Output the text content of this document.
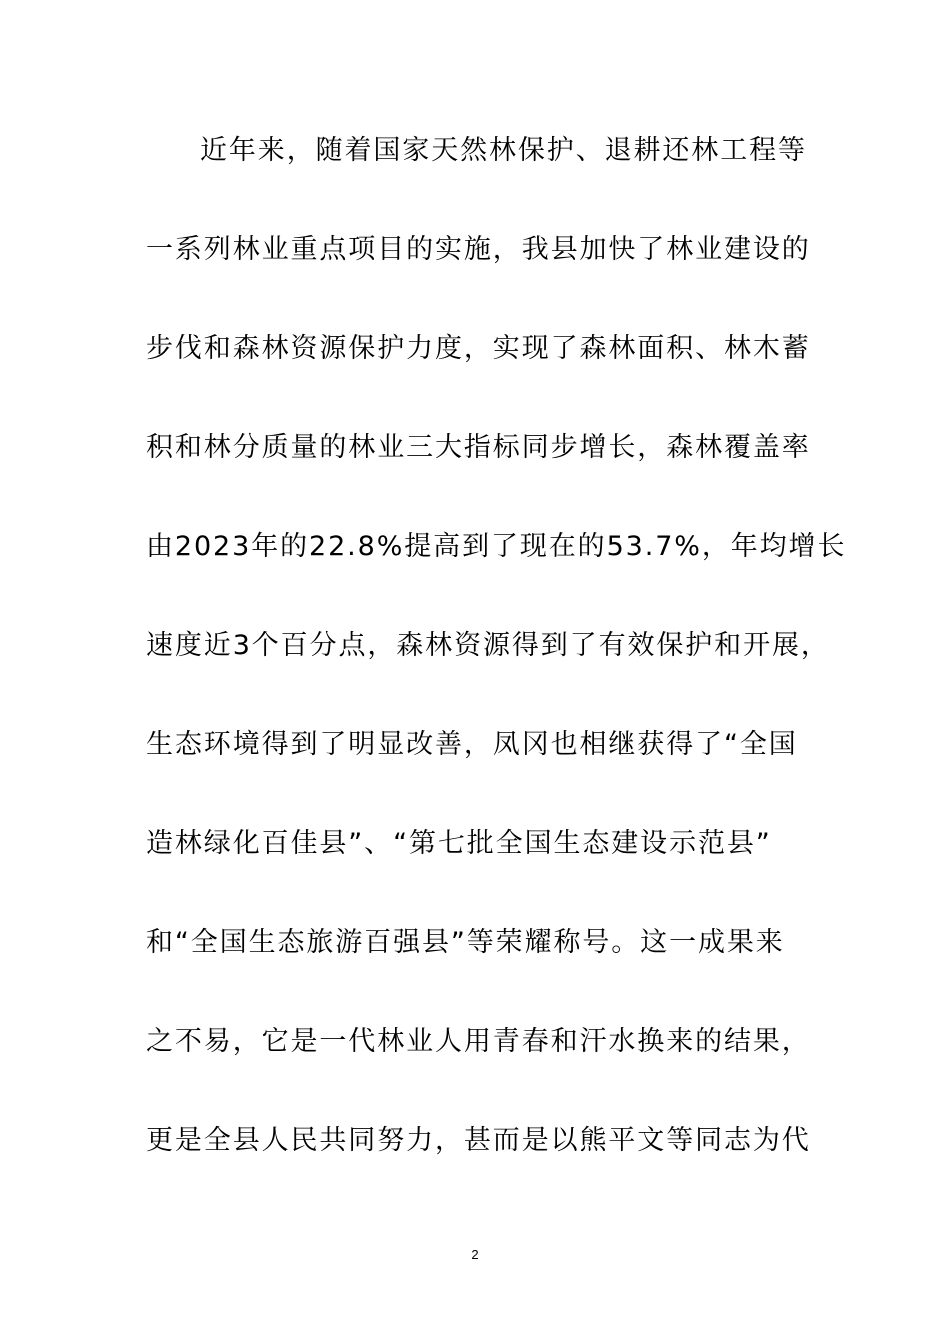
近年来，随着国家天然林保护、退耕还林工程等
一系列林业重点项目的实施，我县加快了林业建设的
步伐和森林资源保护力度，实现了森林面积、林木蓄
积和林分质量的林业三大指标同步增长，森林覆盖率
由2023年的22.8%提高到了现在的53.7%，年均增长
速度近3个百分点，森林资源得到了有效保护和开展，
生态环境得到了明显改善，凤冈也相继获得了“全国
造林绿化百佳县”、“第七批全国生态建设示范县”
和“全国生态旅游百强县”等荣耀称号。这一成果来
之不易，它是一代林业人用青春和汗水换来的结果，
更是全县人民共同努力，甚而是以熊平文等同志为代
2
